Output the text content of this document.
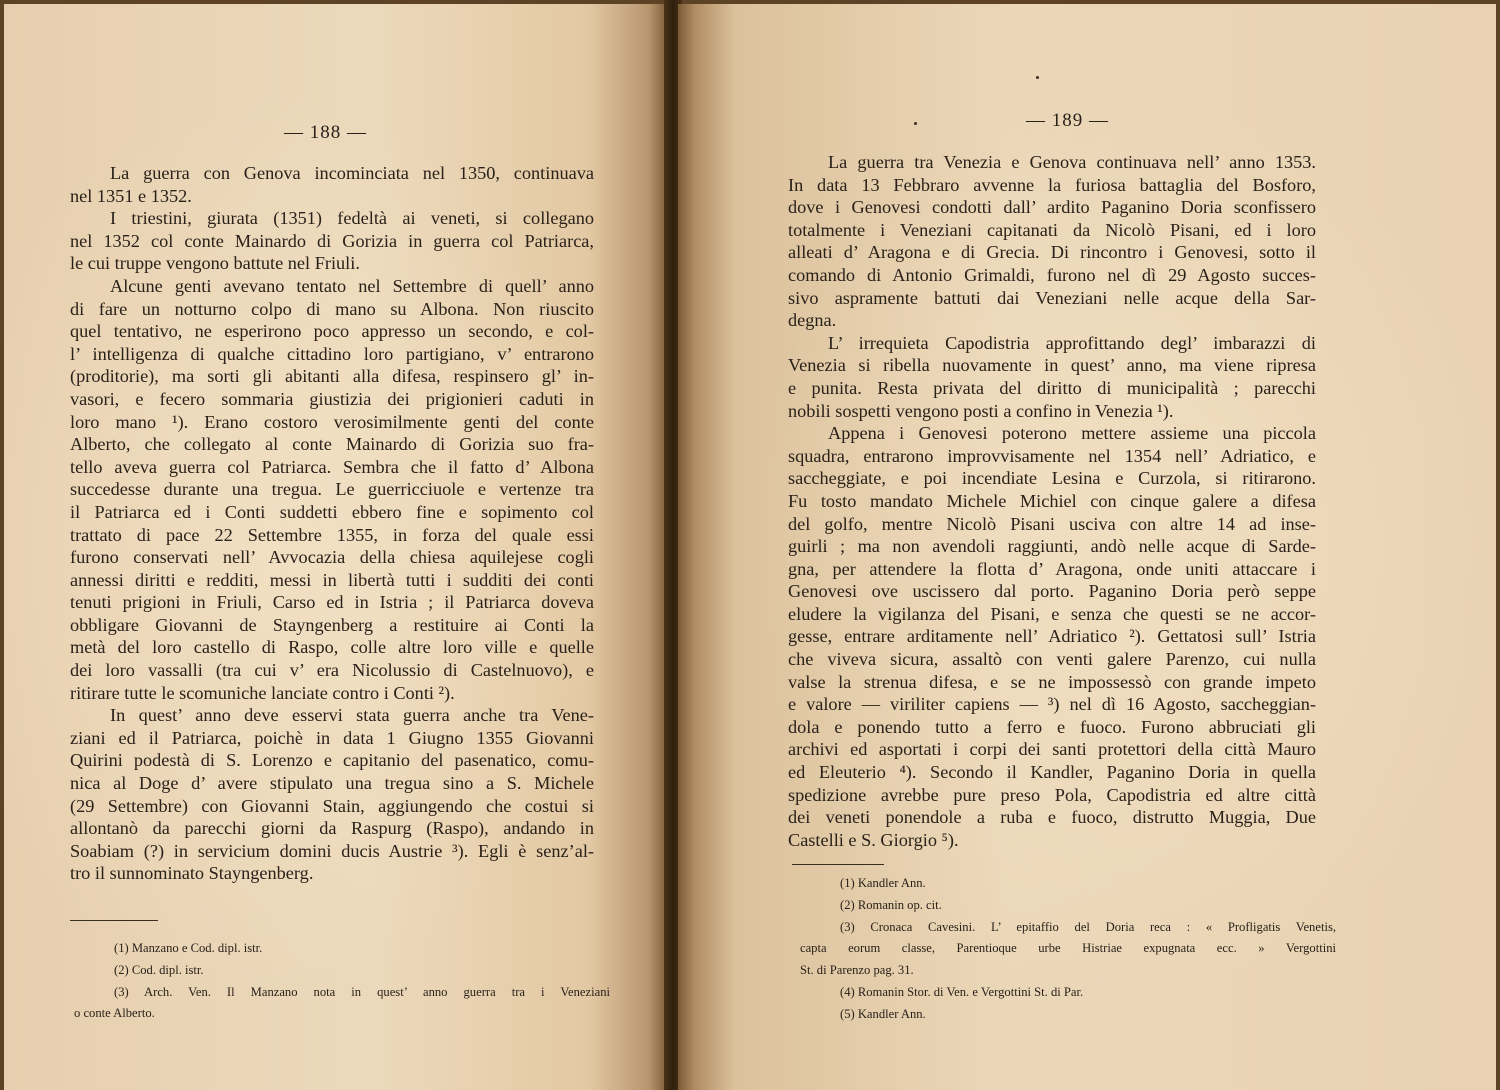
— 188 —
La guerra con Genova incominciata nel 1350, continuava
nel 1351 e 1352.
I triestini, giurata (1351) fedeltà ai veneti, si collegano
nel 1352 col conte Mainardo di Gorizia in guerra col Patriarca,
le cui truppe vengono battute nel Friuli.
Alcune genti avevano tentato nel Settembre di quell’ anno
di fare un notturno colpo di mano su Albona. Non riuscito
quel tentativo, ne esperirono poco appresso un secondo, e col-
l’ intelligenza di qualche cittadino loro partigiano, v’ entrarono
(proditorie), ma sorti gli abitanti alla difesa, respinsero gl’ in-
vasori, e fecero sommaria giustizia dei prigionieri caduti in
loro mano ¹). Erano costoro verosimilmente genti del conte
Alberto, che collegato al conte Mainardo di Gorizia suo fra-
tello aveva guerra col Patriarca. Sembra che il fatto d’ Albona
succedesse durante una tregua. Le guerricciuole e vertenze tra
il Patriarca ed i Conti suddetti ebbero fine e sopimento col
trattato di pace 22 Settembre 1355, in forza del quale essi
furono conservati nell’ Avvocazia della chiesa aquilejese cogli
annessi diritti e redditi, messi in libertà tutti i sudditi dei conti
tenuti prigioni in Friuli, Carso ed in Istria ; il Patriarca doveva
obbligare Giovanni de Stayngenberg a restituire ai Conti la
metà del loro castello di Raspo, colle altre loro ville e quelle
dei loro vassalli (tra cui v’ era Nicolussio di Castelnuovo), e
ritirare tutte le scomuniche lanciate contro i Conti ²).
In quest’ anno deve esservi stata guerra anche tra Vene-
ziani ed il Patriarca, poichè in data 1 Giugno 1355 Giovanni
Quirini podestà di S. Lorenzo e capitanio del pasenatico, comu-
nica al Doge d’ avere stipulato una tregua sino a S. Michele
(29 Settembre) con Giovanni Stain, aggiungendo che costui si
allontanò da parecchi giorni da Raspurg (Raspo), andando in
Soabiam (?) in servicium domini ducis Austrie ³). Egli è senz’al-
tro il sunnominato Stayngenberg.
(1) Manzano e Cod. dipl. istr.
(2) Cod. dipl. istr.
(3) Arch. Ven. Il Manzano nota in quest’ anno guerra tra i Veneziani
o conte Alberto.
— 189 —
La guerra tra Venezia e Genova continuava nell’ anno 1353.
In data 13 Febbraro avvenne la furiosa battaglia del Bosforo,
dove i Genovesi condotti dall’ ardito Paganino Doria sconfissero
totalmente i Veneziani capitanati da Nicolò Pisani, ed i loro
alleati d’ Aragona e di Grecia. Di rincontro i Genovesi, sotto il
comando di Antonio Grimaldi, furono nel dì 29 Agosto succes-
sivo aspramente battuti dai Veneziani nelle acque della Sar-
degna.
L’ irrequieta Capodistria approfittando degl’ imbarazzi di
Venezia si ribella nuovamente in quest’ anno, ma viene ripresa
e punita. Resta privata del diritto di municipalità ; parecchi
nobili sospetti vengono posti a confino in Venezia ¹).
Appena i Genovesi poterono mettere assieme una piccola
squadra, entrarono improvvisamente nel 1354 nell’ Adriatico, e
saccheggiate, e poi incendiate Lesina e Curzola, si ritirarono.
Fu tosto mandato Michele Michiel con cinque galere a difesa
del golfo, mentre Nicolò Pisani usciva con altre 14 ad inse-
guirli ; ma non avendoli raggiunti, andò nelle acque di Sarde-
gna, per attendere la flotta d’ Aragona, onde uniti attaccare i
Genovesi ove uscissero dal porto. Paganino Doria però seppe
eludere la vigilanza del Pisani, e senza che questi se ne accor-
gesse, entrare arditamente nell’ Adriatico ²). Gettatosi sull’ Istria
che viveva sicura, assaltò con venti galere Parenzo, cui nulla
valse la strenua difesa, e se ne impossessò con grande impeto
e valore — viriliter capiens — ³) nel dì 16 Agosto, saccheggian-
dola e ponendo tutto a ferro e fuoco. Furono abbruciati gli
archivi ed asportati i corpi dei santi protettori della città Mauro
ed Eleuterio ⁴). Secondo il Kandler, Paganino Doria in quella
spedizione avrebbe pure preso Pola, Capodistria ed altre città
dei veneti ponendole a ruba e fuoco, distrutto Muggia, Due
Castelli e S. Giorgio ⁵).
(1) Kandler Ann.
(2) Romanin op. cit.
(3) Cronaca Cavesini. L’ epitaffio del Doria reca : « Profligatis Venetis,
capta eorum classe, Parentioque urbe Histriae expugnata ecc. » Vergottini
St. di Parenzo pag. 31.
(4) Romanin Stor. di Ven. e Vergottini St. di Par.
(5) Kandler Ann.
